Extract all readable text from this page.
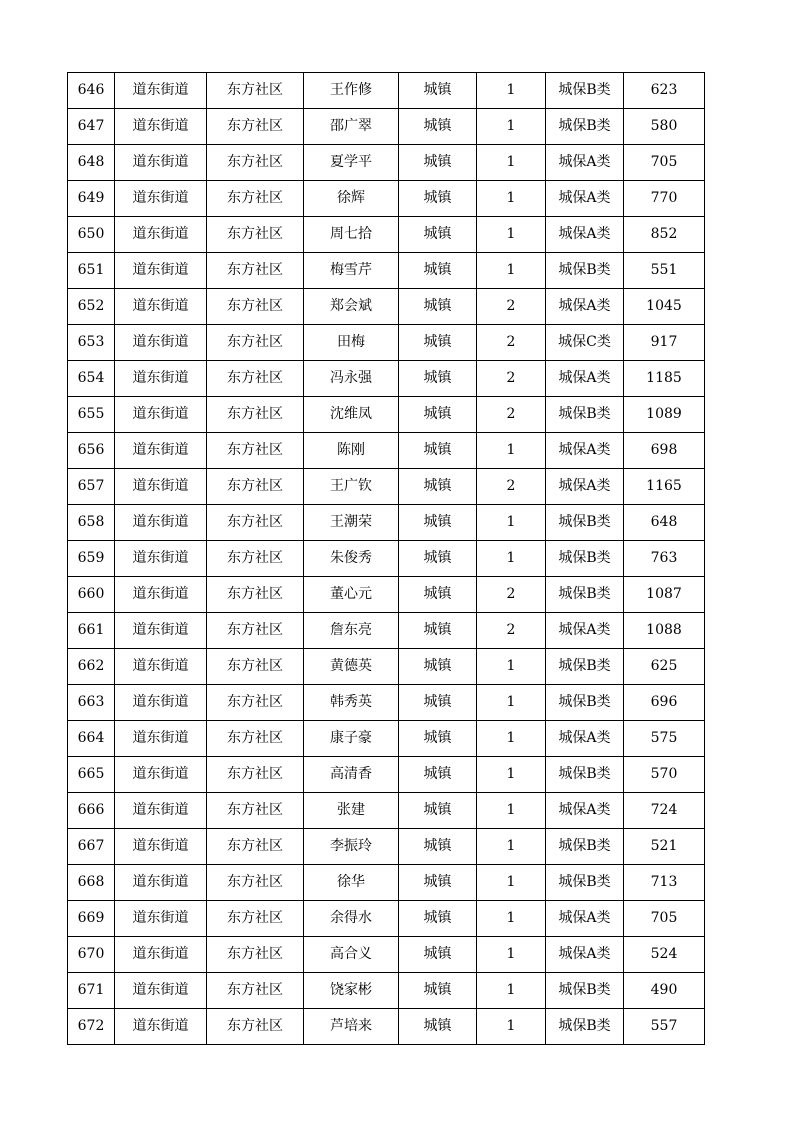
646	道东街道	东方社区	王作修	城镇	1	城保B类	623
647	道东街道	东方社区	邵广翠	城镇	1	城保B类	580
648	道东街道	东方社区	夏学平	城镇	1	城保A类	705
649	道东街道	东方社区	徐辉	城镇	1	城保A类	770
650	道东街道	东方社区	周七拾	城镇	1	城保A类	852
651	道东街道	东方社区	梅雪芹	城镇	1	城保B类	551
652	道东街道	东方社区	郑会斌	城镇	2	城保A类	1045
653	道东街道	东方社区	田梅	城镇	2	城保C类	917
654	道东街道	东方社区	冯永强	城镇	2	城保A类	1185
655	道东街道	东方社区	沈维凤	城镇	2	城保B类	1089
656	道东街道	东方社区	陈刚	城镇	1	城保A类	698
657	道东街道	东方社区	王广钦	城镇	2	城保A类	1165
658	道东街道	东方社区	王潮荣	城镇	1	城保B类	648
659	道东街道	东方社区	朱俊秀	城镇	1	城保B类	763
660	道东街道	东方社区	董心元	城镇	2	城保B类	1087
661	道东街道	东方社区	詹东亮	城镇	2	城保A类	1088
662	道东街道	东方社区	黄德英	城镇	1	城保B类	625
663	道东街道	东方社区	韩秀英	城镇	1	城保B类	696
664	道东街道	东方社区	康子豪	城镇	1	城保A类	575
665	道东街道	东方社区	高清香	城镇	1	城保B类	570
666	道东街道	东方社区	张建	城镇	1	城保A类	724
667	道东街道	东方社区	李振玲	城镇	1	城保B类	521
668	道东街道	东方社区	徐华	城镇	1	城保B类	713
669	道东街道	东方社区	余得水	城镇	1	城保A类	705
670	道东街道	东方社区	高合义	城镇	1	城保A类	524
671	道东街道	东方社区	饶家彬	城镇	1	城保B类	490
672	道东街道	东方社区	芦培来	城镇	1	城保B类	557
